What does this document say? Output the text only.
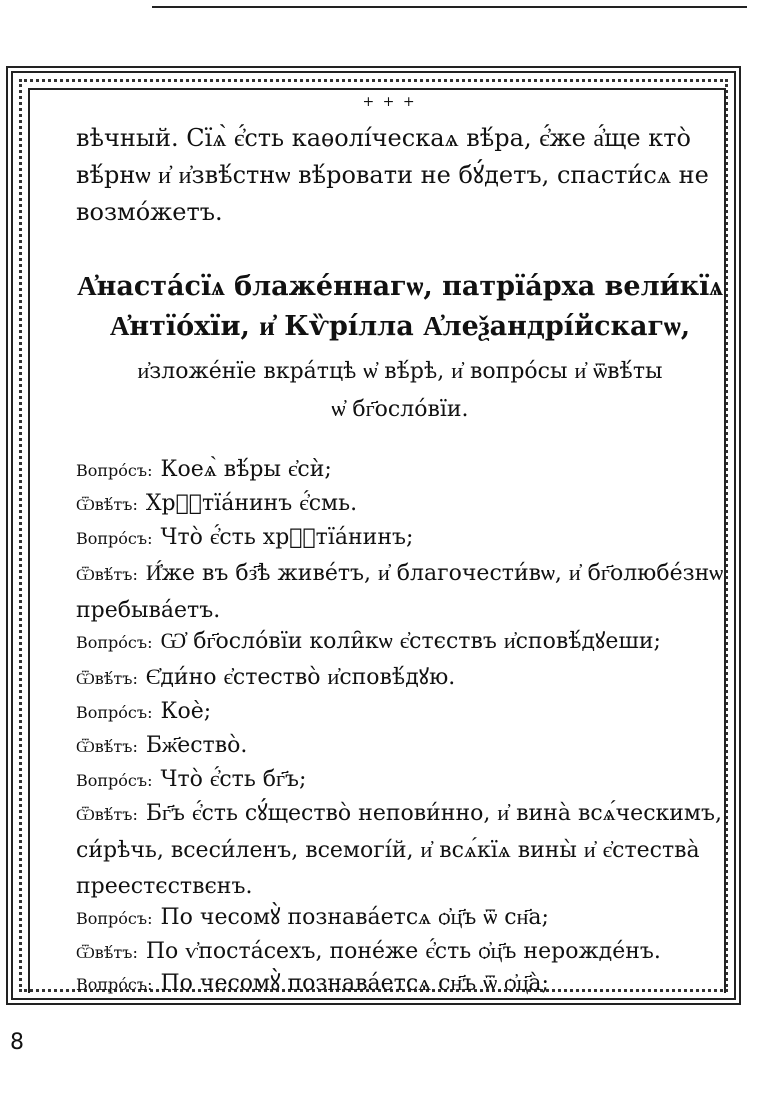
+ + +
вѣчный. Сїѧ̀ є҆́сть каѳолі́ческаѧ вѣ́ра, є҆́же а҆́ще кто̀ вѣ́рнѡ и҆ и҆звѣ́стнѡ вѣ́ровати не бꙋ́детъ, спасти́сѧ не возмо́жетъ.
А҆наста́сїѧ блаже́ннагѡ, патрїа́рха вели́кїѧ
А҆нтїо́хїи, и҆ Кѷрі́лла А҆леѯандрі́йскагѡ,
и҆зложе́нїе вкра́тцѣ ѡ҆ вѣ́рѣ, и҆ вопро́сы и҆ ѿвѣ́ты
ѡ҆ бг҃осло́вїи.
Вопро́съ: Коеѧ̀ вѣ́ры є҆сѝ;
Ѿвѣ́тъ: Хрⷭ҇тїа́нинъ є҆́смь.
Вопро́съ: Что̀ є҆́сть хрⷭ҇тїа́нинъ;
Ѿвѣ́тъ: И҆́же въ бз҃ѣ живе́тъ, и҆ благочести́вѡ, и҆ бг҃олюбе́знѡ пребыва́етъ.
Вопро́съ: Ѡ҆ бг҃осло́вїи коли̑кѡ є҆стєствъ и҆сповѣ́дꙋеши;
Ѿвѣ́тъ: Є҆ди́но є҆стество̀ и҆сповѣ́дꙋю.
Вопро́съ: Коѐ;
Ѿвѣ́тъ: Бж҃ество̀.
Вопро́съ: Что̀ є҆́сть бг҃ъ;
Ѿвѣ́тъ: Бг҃ъ є҆́сть сꙋ́щество̀ непови́нно, и҆ вина̀ всѧ́ческимъ, си́рѣчь, всеси́ленъ, всемогі́й, и҆ всѧ́кїѧ вины̀ и҆ є҆стества̀ преестєствєнъ.
Вопро́съ: По чесомꙋ̀ познава́етсѧ ѻ҆ц҃ъ ѿ сн҃а;
Ѿвѣ́тъ: По ѵ҆поста́сехъ, поне́же є҆́сть ѻ҆ц҃ъ нерожде́нъ.
Вопро́съ: По чесомꙋ̀ познава́етсѧ сн҃ъ ѿ ѻ҆ц҃а̀;
8
